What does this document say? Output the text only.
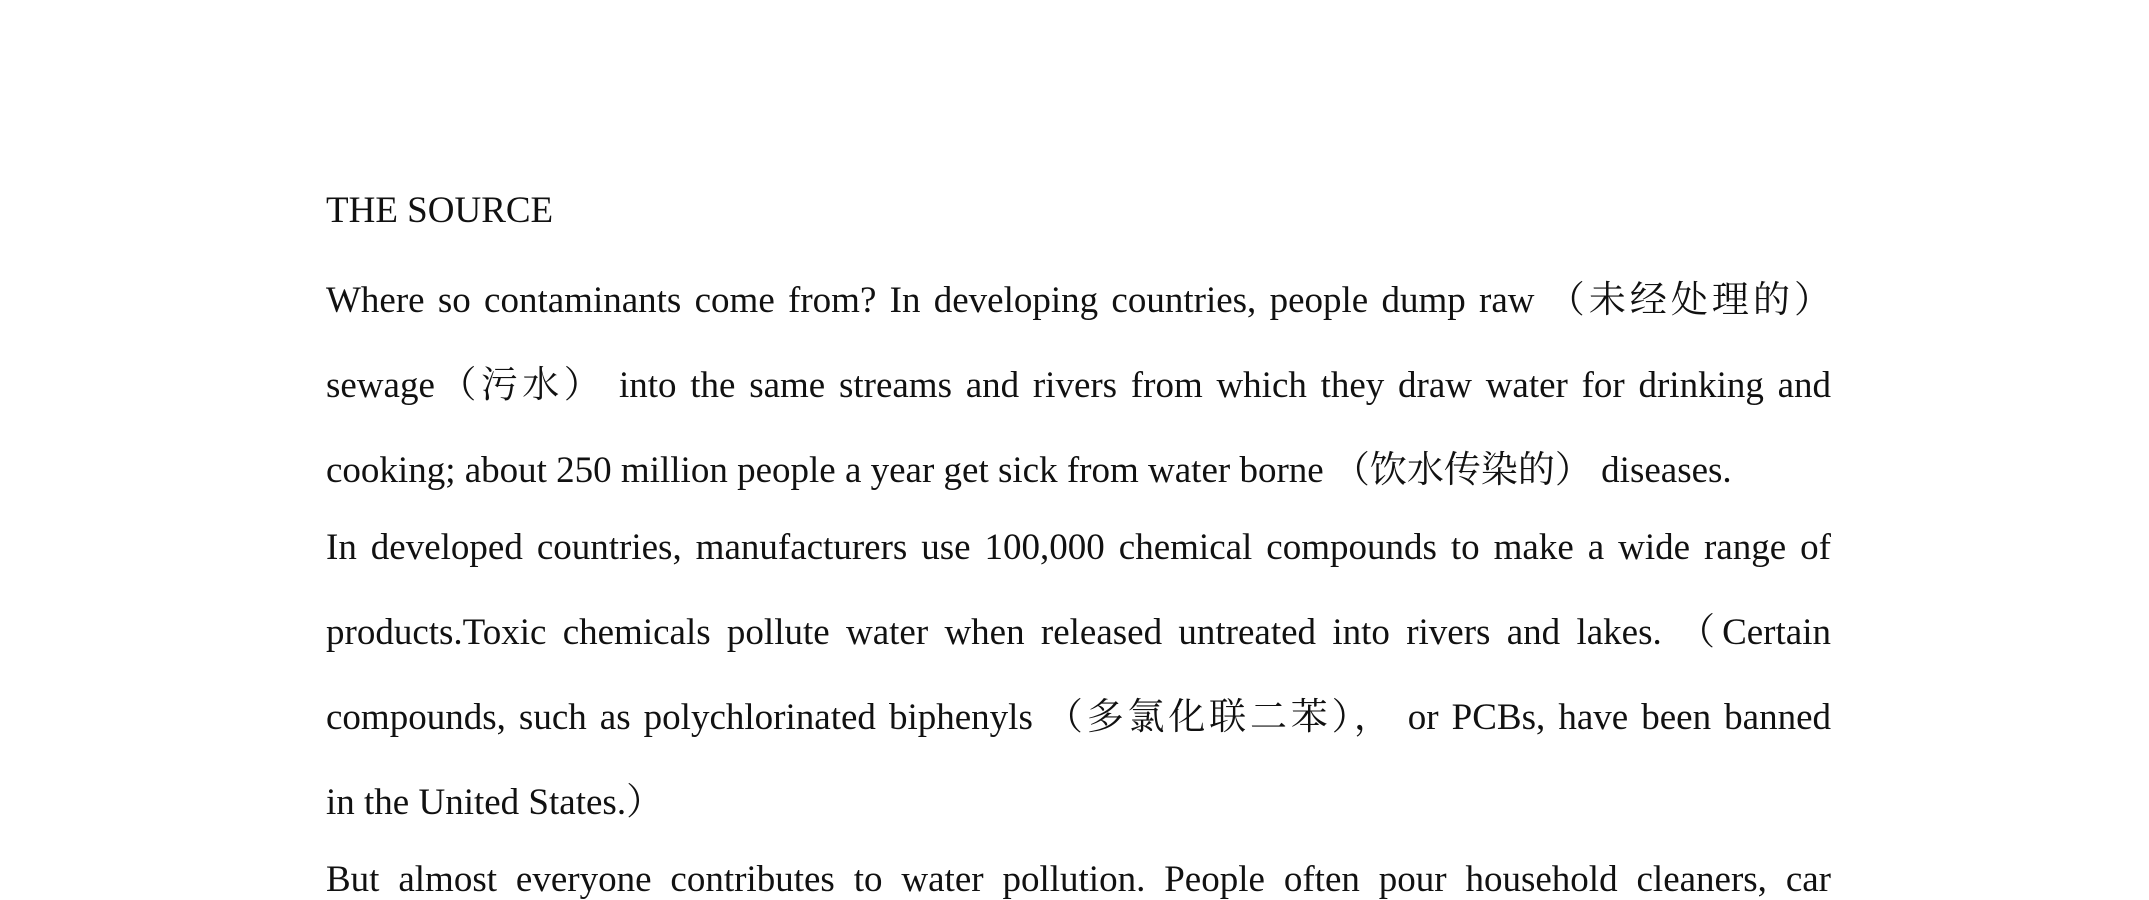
THE SOURCE
Where so contaminants come from? In developing countries, people dump raw （未经处理的）
sewage（污水） into the same streams and rivers from which they draw water for drinking and
cooking; about 250 million people a year get sick from water borne （饮水传染的） diseases.
In developed countries, manufacturers use 100,000 chemical compounds to make a wide range of
products.Toxic chemicals pollute water when released untreated into rivers and lakes. （Certain
compounds, such as polychlorinated biphenyls （多氯化联二苯）， or PCBs, have been banned
in the United States.）
But almost everyone contributes to water pollution. People often pour household cleaners, car
